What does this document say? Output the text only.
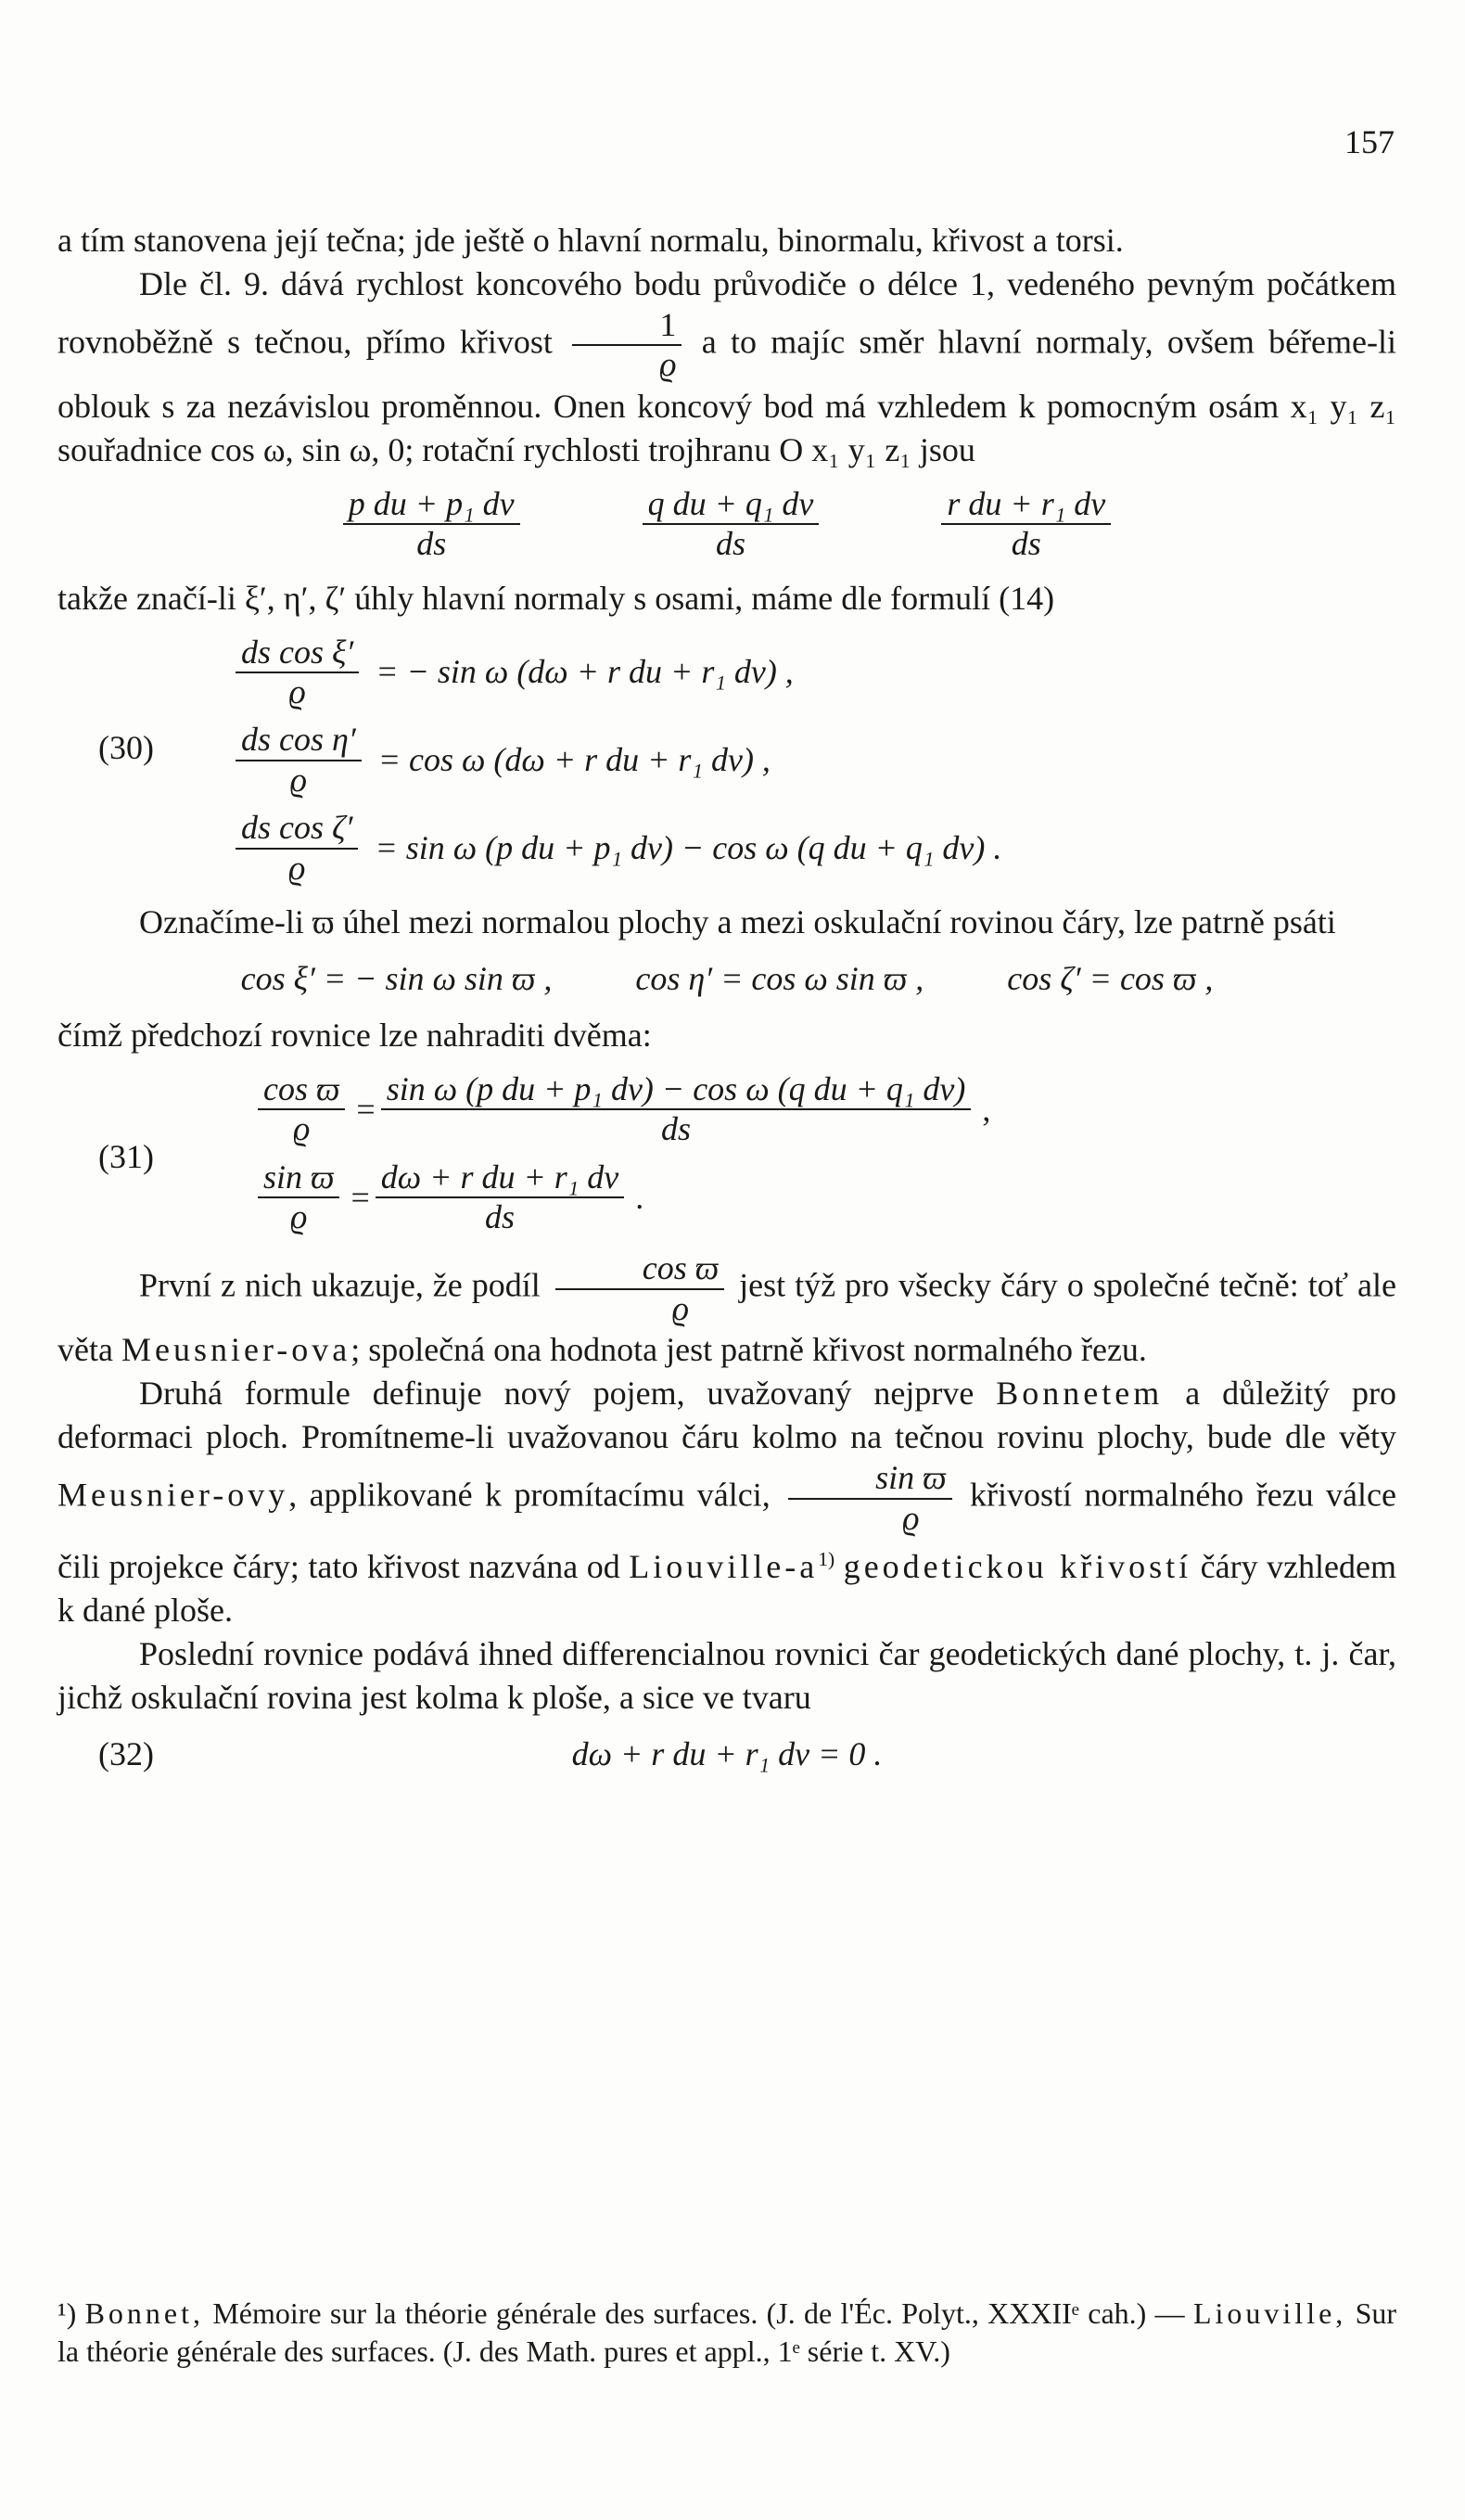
157

a tím stanovena její tečna; jde ještě o hlavní normalu, binormalu, křivost a torsi.

Dle čl. 9. dává rychlost koncového bodu průvodiče o délce 1, vedeného pevným počátkem rovnoběžně s tečnou, přímo křivost $\frac{1}{ϱ}$ a to majíc směr hlavní normaly, ovšem béřeme-li oblouk s za nezávislou proměnnou. Onen koncový bod má vzhledem k pomocným osám x₁ y₁ z₁ souřadnice cos ω, sin ω, 0; rotační rychlosti trojhranu O x₁ y₁ z₁ jsou

$\frac{\text{p du + p₁ dv}}{ds}$	$\frac{\text{q du + q₁ dv}}{ds}$	$\frac{\text{r du + r₁ dv}}{ds}$

takže značí-li ξ′, η′, ζ′ úhly hlavní normaly s osami, máme dle formulí (14)

(30)
$\frac{\text{ds cos ξ′}}{ϱ}$ = − sin ω (dω + r du + r₁ dv) ,
$\frac{\text{ds cos η′}}{ϱ} = \cos \omega$ (dω + r du + r₁ dv) ,
$\frac{\text{ds cos ζ′}}{ϱ} = \sin \omega$ (p du + p₁ dv) − cos ω (q du + q₁ dv) .

Označíme-li ϖ úhel mezi normalou plochy a mezi oskulační rovinou čáry, lze patrně psáti

cos ξ′ = − sin ω sin ϖ ,	cos η′ = cos ω sin ϖ ,	cos ζ′ = cos ϖ ,

čímž předchozí rovnice lze nahraditi dvěma:

(31)
$\frac{\text{cos ϖ}}{ϱ} = \frac{\text{sin ω (p du + p₁ dv) − cos ω (q du + q₁ dv)}}{ds}$ ,
$\frac{\text{sin ϖ}}{ϱ} = \frac{\text{dω + r du + r₁ dv}}{ds}$ .

První z nich ukazuje, že podíl $\frac{\text{cos ϖ}}{ϱ}$ jest týž pro všecky čáry o společné tečně: toť ale věta Meusnier-ova; společná ona hodnota jest patrně křivost normalného řezu.

Druhá formule definuje nový pojem, uvažovaný nejprve Bonnetem a důležitý pro deformaci ploch. Promítneme-li uvažovanou čáru kolmo na tečnou rovinu plochy, bude dle věty Meusnier-ovy, applikované k promítacímu válci, $\frac{\text{sin ϖ}}{ϱ}$ křivostí normalného řezu válce čili projekce čáry; tato křivost nazvána od Liouville-$a^{1)}$ geodetickou křivostí čáry vzhledem k dané ploše.

Poslední rovnice podává ihned differencialnou rovnici čar geodetických dané plochy, t. j. čar, jichž oskulační rovina jest kolma k ploše, a sice ve tvaru

(32)	dω + r du + r₁ dv = 0 .
¹) Bonnet, Mémoire sur la théorie générale des surfaces. (J. de l'Éc. Polyt., XXXIIᵉ cah.) — Liouville, Sur la théorie générale des surfaces. (J. des Math. pures et appl., 1ᵉ série t. XV.)
